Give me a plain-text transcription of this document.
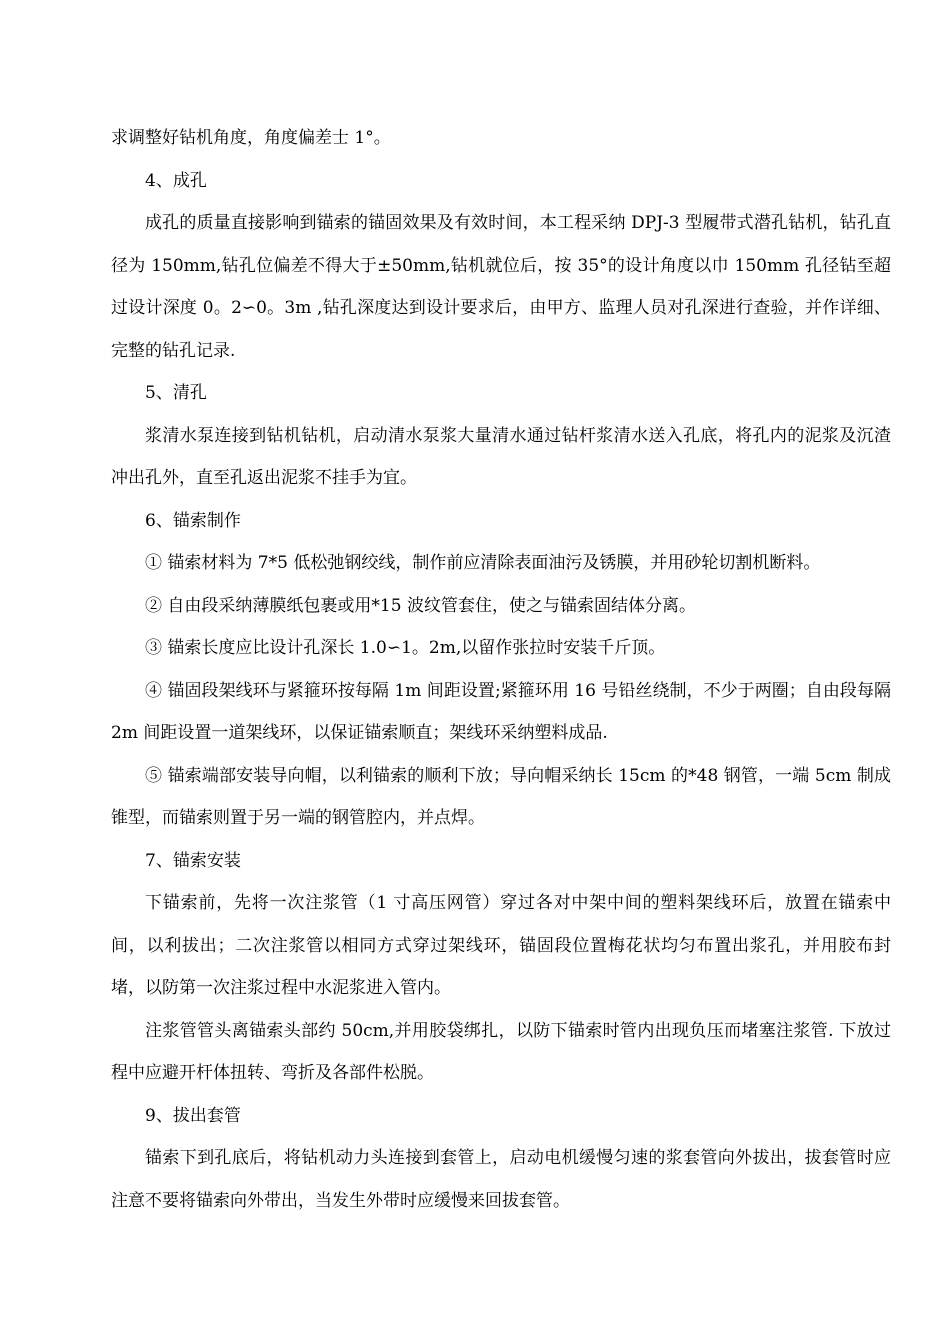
求调整好钻机角度，角度偏差士 1°。

4、成孔

成孔的质量直接影响到锚索的锚固效果及有效时间，本工程采纳 DPJ-3 型履带式潜孔钻机，钻孔直径为 150mm,钻孔位偏差不得大于±50mm,钻机就位后，按 35°的设计角度以巾 150mm 孔径钻至超过设计深度 0。2∽0。3m ,钻孔深度达到设计要求后，由甲方、监理人员对孔深进行查验，并作详细、完整的钻孔记录.

5、清孔

浆清水泵连接到钻机钻机，启动清水泵浆大量清水通过钻杆浆清水送入孔底，将孔内的泥浆及沉渣冲出孔外，直至孔返出泥浆不挂手为宜。

6、锚索制作

① 锚索材料为 7*5 低松弛钢绞线，制作前应清除表面油污及锈膜，并用砂轮切割机断料。

② 自由段采纳薄膜纸包裹或用*15 波纹管套住，使之与锚索固结体分离。

③ 锚索长度应比设计孔深长 1.0∽1。2m,以留作张拉时安装千斤顶。

④ 锚固段架线环与紧箍环按每隔 1m 间距设置;紧箍环用 16 号铅丝绕制，不少于两圈；自由段每隔 2m 间距设置一道架线环，以保证锚索顺直；架线环采纳塑料成品.

⑤ 锚索端部安装导向帽，以利锚索的顺利下放；导向帽采纳长 15cm 的*48 钢管，一端 5cm 制成锥型，而锚索则置于另一端的钢管腔内，并点焊。

7、锚索安装

下锚索前，先将一次注浆管（1 寸高压网管）穿过各对中架中间的塑料架线环后，放置在锚索中间，以利拔出；二次注浆管以相同方式穿过架线环，锚固段位置梅花状均匀布置出浆孔，并用胶布封堵，以防第一次注浆过程中水泥浆进入管内。

注浆管管头离锚索头部约 50cm,并用胶袋绑扎，以防下锚索时管内出现负压而堵塞注浆管. 下放过程中应避开杆体扭转、弯折及各部件松脱。

9、拔出套管

锚索下到孔底后，将钻机动力头连接到套管上，启动电机缓慢匀速的浆套管向外拔出，拔套管时应注意不要将锚索向外带出，当发生外带时应缓慢来回拔套管。
